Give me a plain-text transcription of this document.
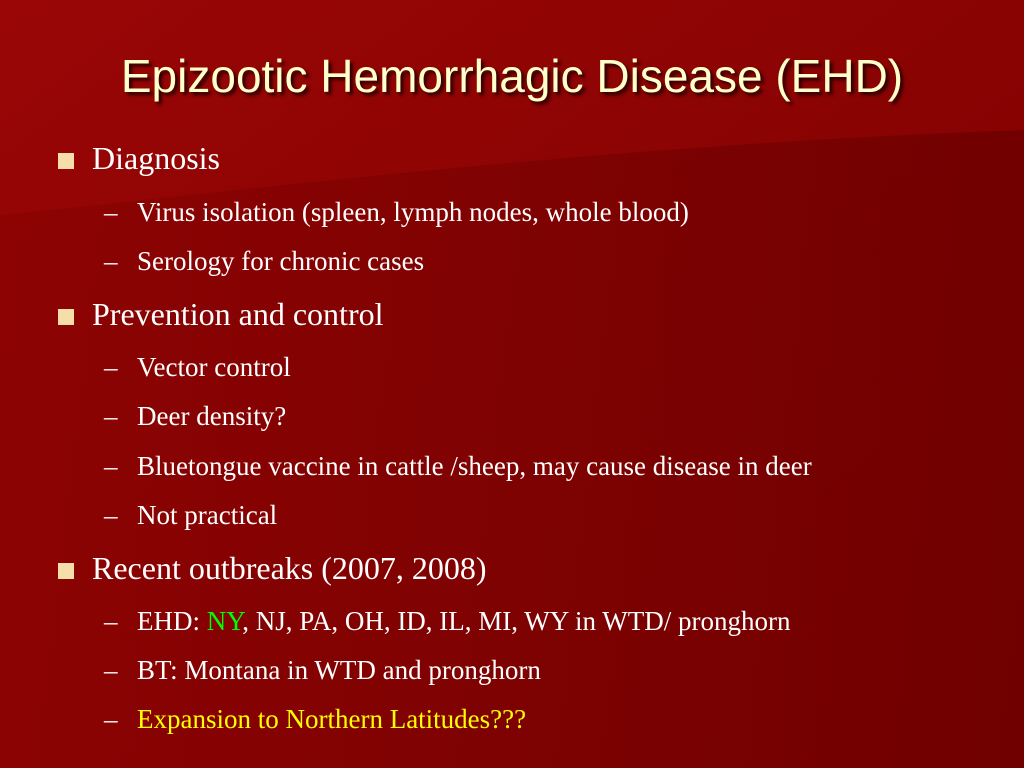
Epizootic Hemorrhagic Disease (EHD)
Diagnosis
– Virus isolation (spleen, lymph nodes, whole blood)
– Serology for chronic cases
Prevention and control
– Vector control
– Deer density?
– Bluetongue vaccine in cattle /sheep, may cause disease in deer
– Not practical
Recent outbreaks (2007, 2008)
– EHD: NY, NJ, PA, OH, ID, IL, MI, WY in WTD/ pronghorn
– BT: Montana in WTD and pronghorn
– Expansion to Northern Latitudes???
